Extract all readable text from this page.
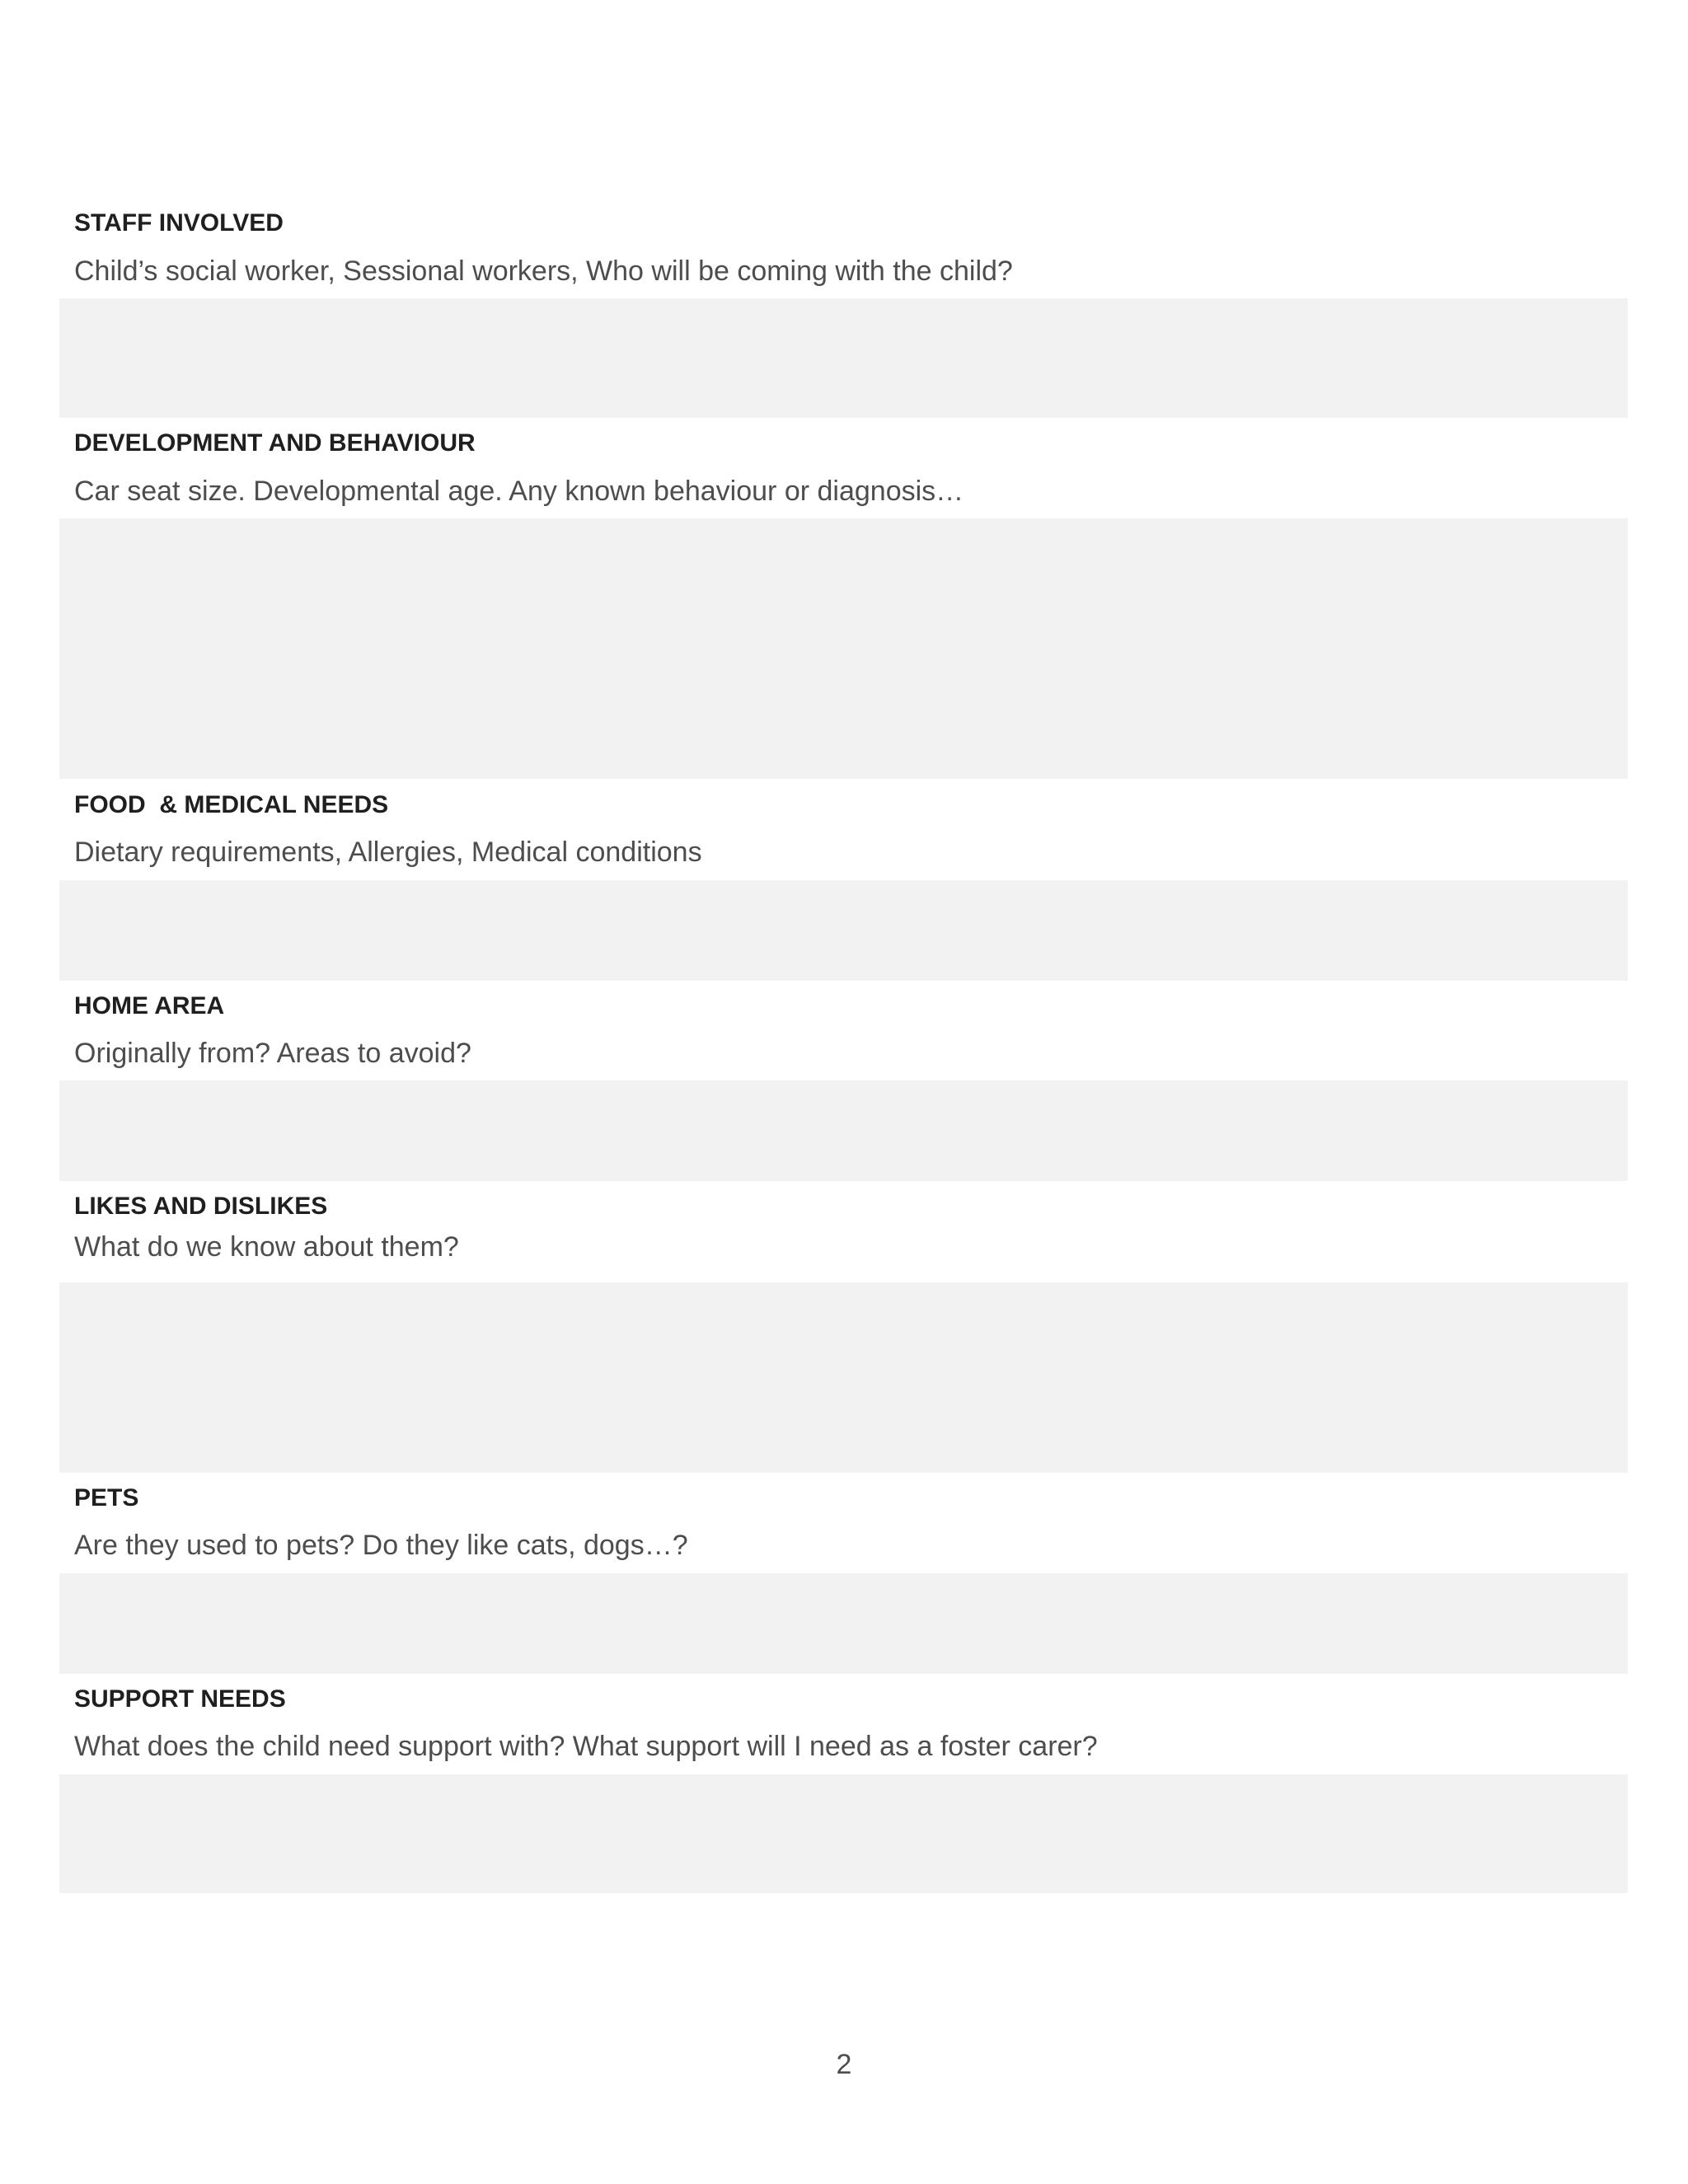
STAFF INVOLVED
Child’s social worker, Sessional workers, Who will be coming with the child?
DEVELOPMENT AND BEHAVIOUR
Car seat size. Developmental age. Any known behaviour or diagnosis…
FOOD  & MEDICAL NEEDS
Dietary requirements, Allergies, Medical conditions
HOME AREA
Originally from? Areas to avoid?
LIKES AND DISLIKES
What do we know about them?
PETS
Are they used to pets? Do they like cats, dogs…?
SUPPORT NEEDS
What does the child need support with? What support will I need as a foster carer?
2
